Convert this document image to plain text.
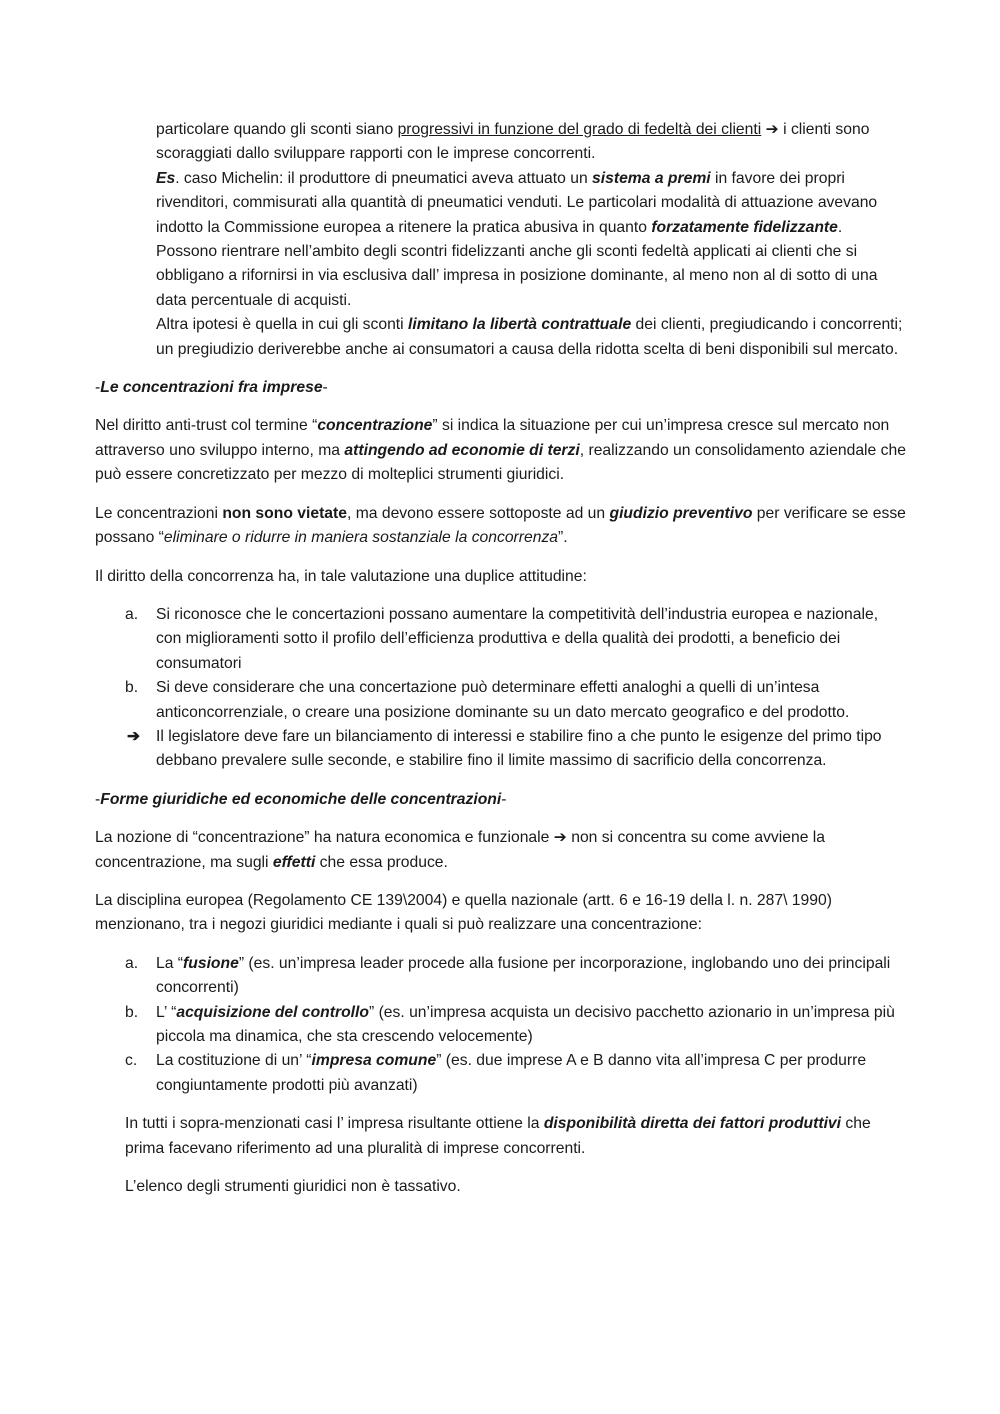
particolare quando gli sconti siano progressivi in funzione del grado di fedeltà dei clienti ➔ i clienti sono scoraggiati dallo sviluppare rapporti con le imprese concorrenti.

Es. caso Michelin: il produttore di pneumatici aveva attuato un sistema a premi in favore dei propri rivenditori, commisurati alla quantità di pneumatici venduti. Le particolari modalità di attuazione avevano indotto la Commissione europea a ritenere la pratica abusiva in quanto forzatamente fidelizzante.

Possono rientrare nell’ambito degli scontri fidelizzanti anche gli sconti fedeltà applicati ai clienti che si obbligano a rifornirsi in via esclusiva dall’ impresa in posizione dominante, al meno non al di sotto di una data percentuale di acquisti.

Altra ipotesi è quella in cui gli sconti limitano la libertà contrattuale dei clienti, pregiudicando i concorrenti; un pregiudizio deriverebbe anche ai consumatori a causa della ridotta scelta di beni disponibili sul mercato.

-Le concentrazioni fra imprese-

Nel diritto anti-trust col termine “concentrazione” si indica la situazione per cui un’impresa cresce sul mercato non attraverso uno sviluppo interno, ma attingendo ad economie di terzi, realizzando un consolidamento aziendale che può essere concretizzato per mezzo di molteplici strumenti giuridici.

Le concentrazioni non sono vietate, ma devono essere sottoposte ad un giudizio preventivo per verificare se esse possano “eliminare o ridurre in maniera sostanziale la concorrenza”.

Il diritto della concorrenza ha, in tale valutazione una duplice attitudine:

a. Si riconosce che le concertazioni possano aumentare la competitività dell’industria europea e nazionale, con miglioramenti sotto il profilo dell’efficienza produttiva e della qualità dei prodotti, a beneficio dei consumatori
b. Si deve considerare che una concertazione può determinare effetti analoghi a quelli di un’intesa anticoncorrenziale, o creare una posizione dominante su un dato mercato geografico e del prodotto.
➔ Il legislatore deve fare un bilanciamento di interessi e stabilire fino a che punto le esigenze del primo tipo debbano prevalere sulle seconde, e stabilire fino il limite massimo di sacrificio della concorrenza.

-Forme giuridiche ed economiche delle concentrazioni-

La nozione di “concentrazione” ha natura economica e funzionale ➔ non si concentra su come avviene la concentrazione, ma sugli effetti che essa produce.

La disciplina europea (Regolamento CE 139\2004) e quella nazionale (artt. 6 e 16-19 della l. n. 287\ 1990) menzionano, tra i negozi giuridici mediante i quali si può realizzare una concentrazione:

a. La “fusione” (es. un’impresa leader procede alla fusione per incorporazione, inglobando uno dei principali concorrenti)
b. L’ “acquisizione del controllo” (es. un’impresa acquista un decisivo pacchetto azionario in un’impresa più piccola ma dinamica, che sta crescendo velocemente)
c. La costituzione di un’ “impresa comune” (es. due imprese A e B danno vita all’impresa C per produrre congiuntamente prodotti più avanzati)

In tutti i sopra-menzionati casi l’ impresa risultante ottiene la disponibilità diretta dei fattori produttivi che prima facevano riferimento ad una pluralità di imprese concorrenti.

L’elenco degli strumenti giuridici non è tassativo.
